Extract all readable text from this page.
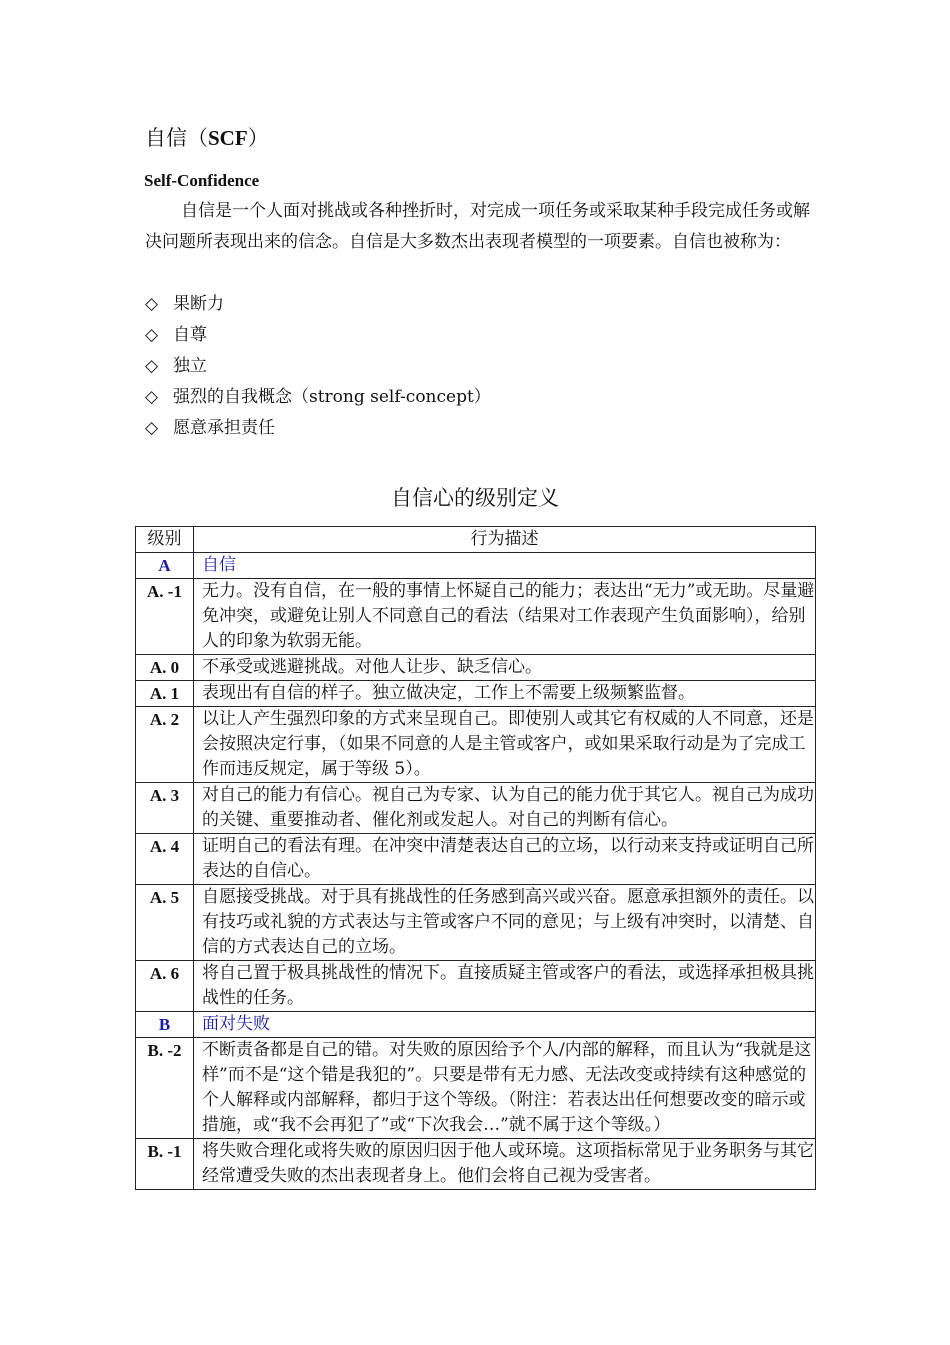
自信（SCF）
Self-Confidence

自信是一个人面对挑战或各种挫折时，对完成一项任务或采取某种手段完成任务或解决问题所表现出来的信念。自信是大多数杰出表现者模型的一项要素。自信也被称为：

◇ 果断力
◇ 自尊
◇ 独立
◇ 强烈的自我概念（strong self-concept）
◇ 愿意承担责任
自信心的级别定义
级别	行为描述
A	自信
A. -1	无力。没有自信，在一般的事情上怀疑自己的能力；表达出“无力”或无助。尽量避免冲突，或避免让别人不同意自己的看法（结果对工作表现产生负面影响），给别人的印象为软弱无能。
A. 0	不承受或逃避挑战。对他人让步、缺乏信心。
A. 1	表现出有自信的样子。独立做决定，工作上不需要上级频繁监督。
A. 2	以让人产生强烈印象的方式来呈现自己。即使别人或其它有权威的人不同意，还是会按照决定行事，（如果不同意的人是主管或客户，或如果采取行动是为了完成工作而违反规定，属于等级 5）。
A. 3	对自己的能力有信心。视自己为专家、认为自己的能力优于其它人。视自己为成功的关键、重要推动者、催化剂或发起人。对自己的判断有信心。
A. 4	证明自己的看法有理。在冲突中清楚表达自己的立场，以行动来支持或证明自己所表达的自信心。
A. 5	自愿接受挑战。对于具有挑战性的任务感到高兴或兴奋。愿意承担额外的责任。以有技巧或礼貌的方式表达与主管或客户不同的意见；与上级有冲突时，以清楚、自信的方式表达自己的立场。
A. 6	将自己置于极具挑战性的情况下。直接质疑主管或客户的看法，或选择承担极具挑战性的任务。
B	面对失败
B. -2	不断责备都是自己的错。对失败的原因给予个人/内部的解释，而且认为“我就是这样”而不是“这个错是我犯的”。只要是带有无力感、无法改变或持续有这种感觉的个人解释或内部解释，都归于这个等级。（附注：若表达出任何想要改变的暗示或措施，或“我不会再犯了”或“下次我会…”就不属于这个等级。）
B. -1	将失败合理化或将失败的原因归因于他人或环境。这项指标常见于业务职务与其它经常遭受失败的杰出表现者身上。他们会将自己视为受害者。
